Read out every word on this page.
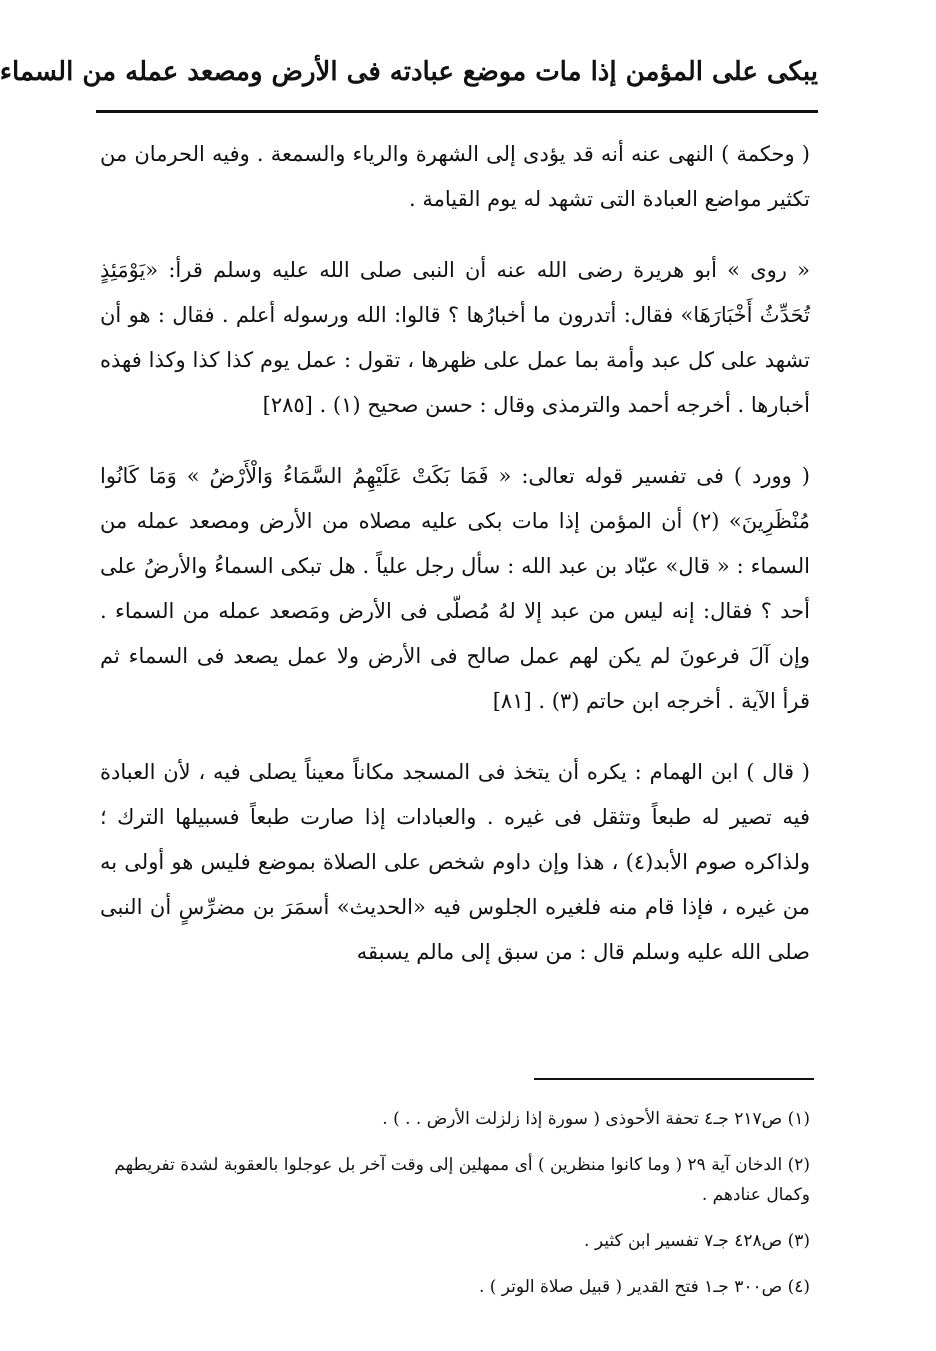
يبكى على المؤمن إذا مات موضع عبادته فى الأرض ومصعد عمله من السماء

( وحكمة ) النهى عنه أنه قد يؤدى إلى الشهرة والرياء والسمعة . وفيه الحرمان من تكثير مواضع العبادة التى تشهد له يوم القيامة .

« روى » أبو هريرة رضى الله عنه أن النبى صلى الله عليه وسلم قرأ: «يَوْمَئِذٍ تُحَدِّثُ أَخْبَارَهَا» فقال: أتدرون ما أخبارُها ؟ قالوا: الله ورسوله أعلم . فقال : هو أن تشهد على كل عبد وأمة بما عمل على ظهرها ، تقول : عمل يوم كذا كذا وكذا فهذه أخبارها . أخرجه أحمد والترمذى وقال : حسن صحيح (١) . [٢٨٥]

( وورد ) فى تفسير قوله تعالى: « فَمَا بَكَتْ عَلَيْهِمُ السَّمَاءُ وَالْأَرْضُ » وَمَا كَانُوا مُنْظَرِينَ» (٢) أن المؤمن إذا مات بكى عليه مصلاه من الأرض ومصعد عمله من السماء : « قال» عبّاد بن عبد الله : سأل رجل علياً . هل تبكى السماءُ والأرضُ على أحد ؟ فقال: إنه ليس من عبد إلا لهُ مُصلّى فى الأرض ومَصعد عمله من السماء . وإن آلَ فرعونَ لم يكن لهم عمل صالح فى الأرض ولا عمل يصعد فى السماء ثم قرأ الآية . أخرجه ابن حاتم (٣) . [٨١]

( قال ) ابن الهمام : يكره أن يتخذ فى المسجد مكاناً معيناً يصلى فيه ، لأن العبادة فيه تصير له طبعاً وتثقل فى غيره . والعبادات إذا صارت طبعاً فسبيلها الترك ؛ ولذاكره صوم الأبد(٤) ، هذا وإن داوم شخص على الصلاة بموضع فليس هو أولى به من غيره ، فإذا قام منه فلغيره الجلوس فيه «الحديث» أسمَرَ بن مضرِّسٍ أن النبى صلى الله عليه وسلم قال : من سبق إلى مالم يسبقه

(١) ص٢١٧ جـ٤ تحفة الأحوذى ( سورة إذا زلزلت الأرض . . ) .

(٢) الدخان آية ٢٩ ( وما كانوا منظرين ) أى ممهلين إلى وقت آخر بل عوجلوا بالعقوبة لشدة تفريطهم وكمال عنادهم .

(٣) ص٤٢٨ جـ٧ تفسير ابن كثير .

(٤) ص٣٠٠ جـ١ فتح القدير ( قبيل صلاة الوتر ) .
